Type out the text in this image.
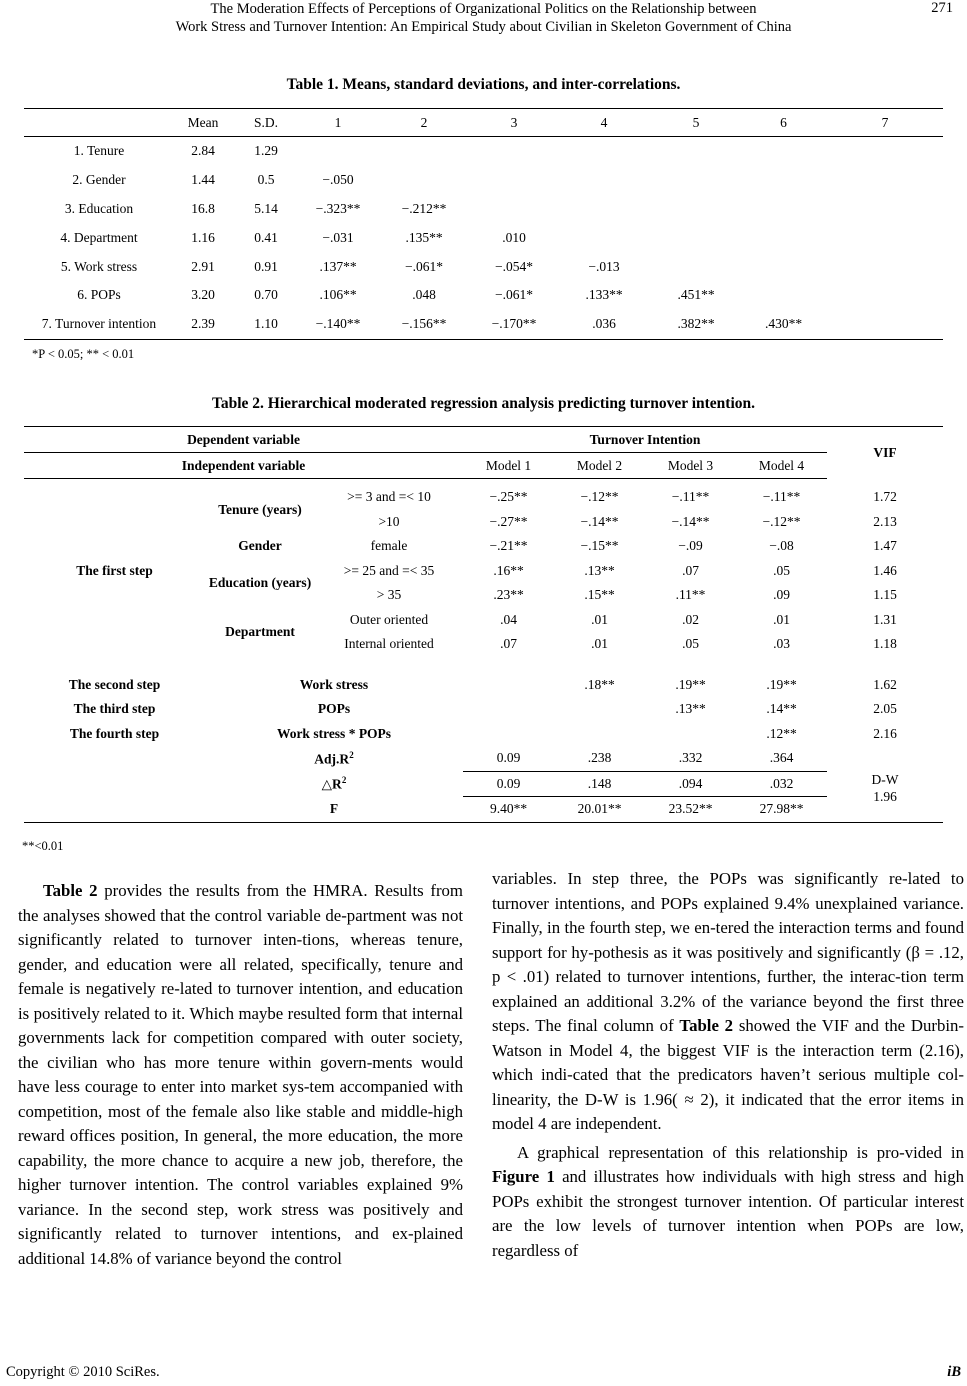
The Moderation Effects of Perceptions of Organizational Politics on the Relationship between
Work Stress and Turnover Intention: An Empirical Study about Civilian in Skeleton Government of China
271
Table 1. Means, standard deviations, and inter-correlations.
	Mean	S.D.	1	2	3	4	5	6	7
1. Tenure	2.84	1.29							
2. Gender	1.44	0.5	−.050						
3. Education	16.8	5.14	−.323**	−.212**					
4. Department	1.16	0.41	−.031	.135**	.010				
5. Work stress	2.91	0.91	.137**	−.061*	−.054*	−.013			
6. POPs	3.20	0.70	.106**	.048	−.061*	.133**	.451**		
7. Turnover intention	2.39	1.10	−.140**	−.156**	−.170**	.036	.382**	.430**	
*P < 0.05; ** < 0.01
Table 2. Hierarchical moderated regression analysis predicting turnover intention.
Dependent variable			Turnover Intention				VIF
Independent variable			Model 1	Model 2	Model 3	Model 4	

The first step	Tenure (years)	>= 3 and =< 10	−.25**	−.12**	−.11**	−.11**	1.72
		>10	−.27**	−.14**	−.14**	−.12**	2.13
	Gender	female	−.21**	−.15**	−.09	−.08	1.47
	Education (years)	>= 25 and =< 35	.16**	.13**	.07	.05	1.46
		> 35	.23**	.15**	.11**	.09	1.15
	Department	Outer oriented	.04	.01	.02	.01	1.31
		Internal oriented	.07	.01	.05	.03	1.18

The second step	Work stress			.18**	.19**	.19**	1.62
The third step	POPs				.13**	.14**	2.05
The fourth step	Work stress * POPs					.12**	2.16
	$Adj.R^2$		0.09	.238	.332	.364	
	$\triangle R^2$		0.09	.148	.094	.032	D-W
1.96
	F		9.40**	20.01**	23.52**	27.98**	
**<0.01

Table 2 provides the results from the HMRA. Results from the analyses showed that the control variable de-partment was not significantly related to turnover inten-tions, whereas tenure, gender, and education were all related, specifically, tenure and female is negatively re-lated to turnover intention, and education is positively related to it. Which maybe resulted form that internal governments lack for competition compared with outer society, the civilian who has more tenure within govern-ments would have less courage to enter into market sys-tem accompanied with competition, most of the female also like stable and middle-high reward offices position, In general, the more education, the more capability, the more chance to acquire a new job, therefore, the higher turnover intention. The control variables explained 9% variance. In the second step, work stress was positively and significantly related to turnover intentions, and ex-plained additional 14.8% of variance beyond the control

variables. In step three, the POPs was significantly re-lated to turnover intentions, and POPs explained 9.4% unexplained variance. Finally, in the fourth step, we en-tered the interaction terms and found support for hy-pothesis as it was positively and significantly (β = .12, p < .01) related to turnover intentions, further, the interac-tion term explained an additional 3.2% of the variance beyond the first three steps. The final column of Table 2 showed the VIF and the Durbin-Watson in Model 4, the biggest VIF is the interaction term (2.16), which indi-cated that the predicators haven’t serious multiple col-linearity, the D-W is 1.96( ≈ 2), it indicated that the error items in model 4 are independent.

A graphical representation of this relationship is pro-vided in Figure 1 and illustrates how individuals with high stress and high POPs exhibit the strongest turnover intention. Of particular interest are the low levels of turnover intention when POPs are low, regardless of

Copyright © 2010 SciRes.	iB
